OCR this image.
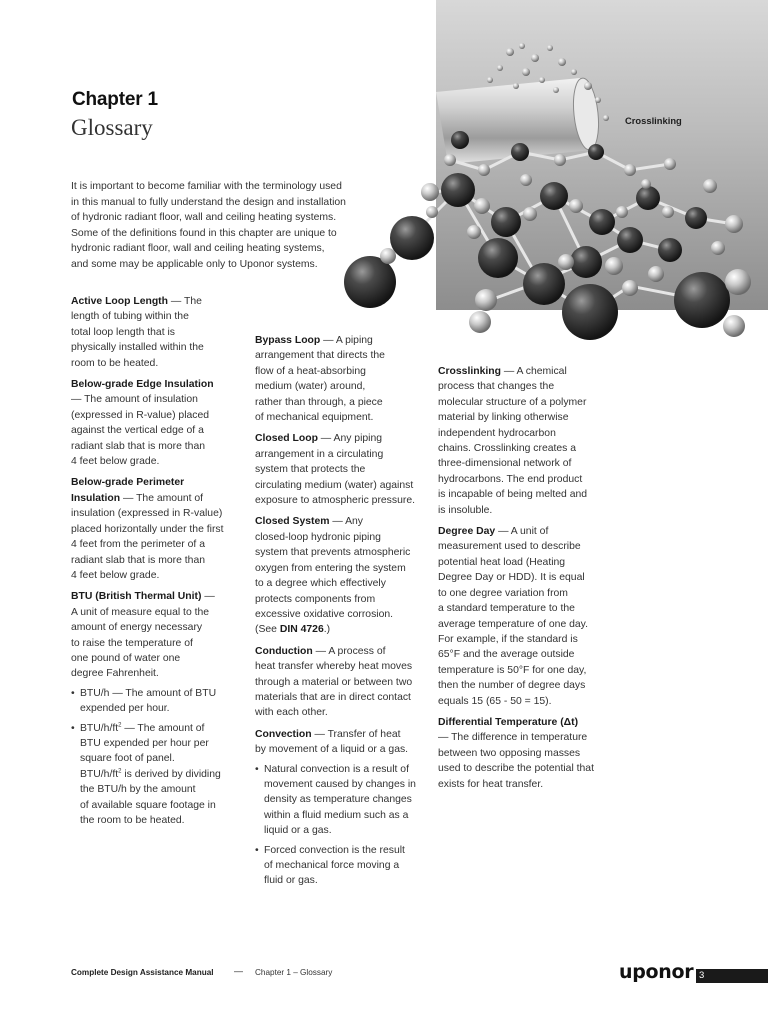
Chapter 1
Glossary
It is important to become familiar with the terminology used
in this manual to fully understand the design and installation
of hydronic radiant floor, wall and ceiling heating systems.
Some of the definitions found in this chapter are unique to
hydronic radiant floor, wall and ceiling heating systems,
and some may be applicable only to Uponor systems.
Crosslinking
Active Loop Length — The
length of tubing within the
total loop length that is
physically installed within the
room to be heated.
Below-grade Edge Insulation
— The amount of insulation
(expressed in R-value) placed
against the vertical edge of a
radiant slab that is more than
4 feet below grade.
Below-grade Perimeter
Insulation — The amount of
insulation (expressed in R-value)
placed horizontally under the first
4 feet from the perimeter of a
radiant slab that is more than
4 feet below grade.
BTU (British Thermal Unit) —
A unit of measure equal to the
amount of energy necessary
to raise the temperature of
one pound of water one
degree Fahrenheit.
• BTU/h — The amount of BTU
expended per hour.
• BTU/$h/ft^2$ — The amount of
BTU expended per hour per
square foot of panel.
BTU/$h/ft^2$ is derived by dividing
the BTU/h by the amount
of available square footage in
the room to be heated.
Bypass Loop — A piping
arrangement that directs the
flow of a heat-absorbing
medium (water) around,
rather than through, a piece
of mechanical equipment.
Closed Loop — Any piping
arrangement in a circulating
system that protects the
circulating medium (water) against
exposure to atmospheric pressure.
Closed System — Any
closed-loop hydronic piping
system that prevents atmospheric
oxygen from entering the system
to a degree which effectively
protects components from
excessive oxidative corrosion.
(See DIN 4726.)
Conduction — A process of
heat transfer whereby heat moves
through a material or between two
materials that are in direct contact
with each other.
Convection — Transfer of heat
by movement of a liquid or a gas.
• Natural convection is a result of
movement caused by changes in
density as temperature changes
within a fluid medium such as a
liquid or a gas.
• Forced convection is the result
of mechanical force moving a
fluid or gas.
Crosslinking — A chemical
process that changes the
molecular structure of a polymer
material by linking otherwise
independent hydrocarbon
chains. Crosslinking creates a
three-dimensional network of
hydrocarbons. The end product
is incapable of being melted and
is insoluble.
Degree Day — A unit of
measurement used to describe
potential heat load (Heating
Degree Day or HDD). It is equal
to one degree variation from
a standard temperature to the
average temperature of one day.
For example, if the standard is
65°F and the average outside
temperature is 50°F for one day,
then the number of degree days
equals 15 (65 - 50 = 15).
Differential Temperature (Δt)
— The difference in temperature
between two opposing masses
used to describe the potential that
exists for heat transfer.
Complete Design Assistance Manual — Chapter 1 – Glossary	uponor 3
